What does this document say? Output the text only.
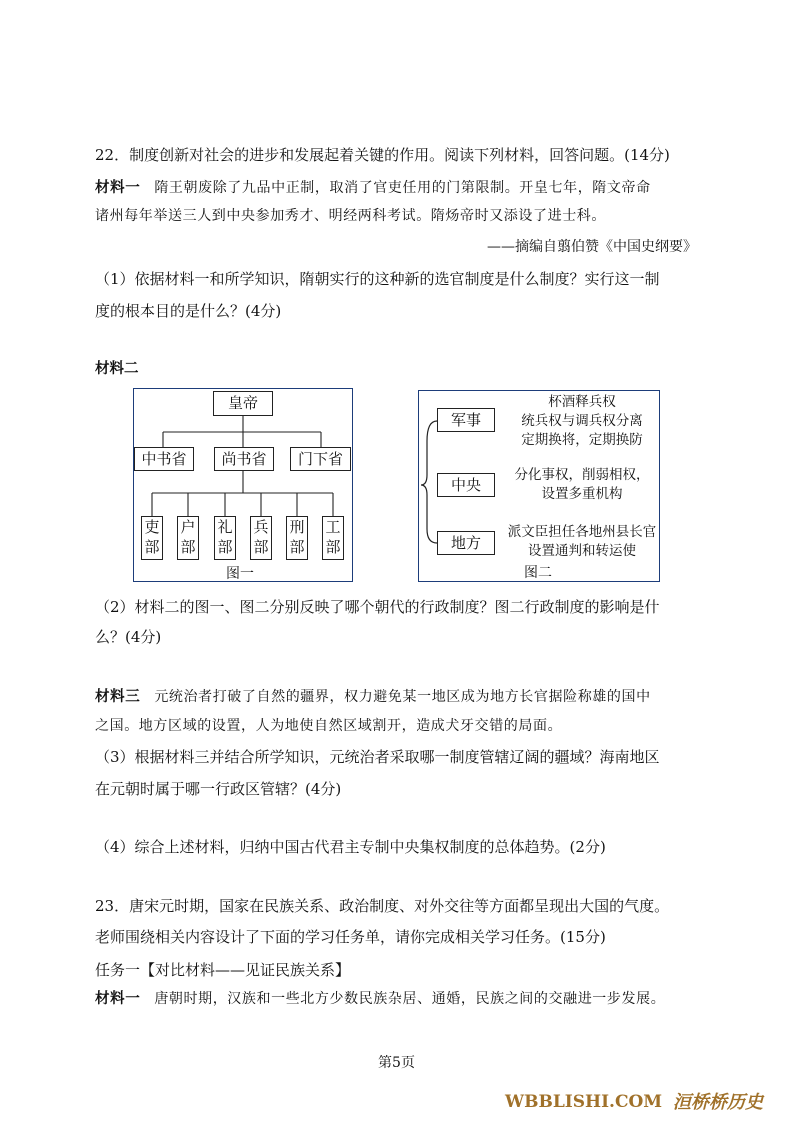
22．制度创新对社会的进步和发展起着关键的作用。阅读下列材料，回答问题。(14分)
材料一 隋王朝废除了九品中正制，取消了官吏任用的门第限制。开皇七年，隋文帝命
诸州每年举送三人到中央参加秀才、明经两科考试。隋炀帝时又添设了进士科。
——摘编自翦伯赞《中国史纲要》
（1）依据材料一和所学知识，隋朝实行的这种新的选官制度是什么制度？实行这一制
度的根本目的是什么？(4分)
材料二
皇帝
中书省	尚书省	门下省
吏
部
户
部
礼
部
兵
部
刑
部
工
部
图一
军事
中央
地方
杯酒释兵权
统兵权与调兵权分离
定期换将，定期换防
分化事权，削弱相权，
设置多重机构
派文臣担任各地州县长官
设置通判和转运使
图二
（2）材料二的图一、图二分别反映了哪个朝代的行政制度？图二行政制度的影响是什
么？(4分)
材料三 元统治者打破了自然的疆界，权力避免某一地区成为地方长官据险称雄的国中
之国。地方区域的设置，人为地使自然区域割开，造成犬牙交错的局面。
（3）根据材料三并结合所学知识，元统治者采取哪一制度管辖辽阔的疆域？海南地区
在元朝时属于哪一行政区管辖？(4分)
（4）综合上述材料，归纳中国古代君主专制中央集权制度的总体趋势。(2分)
23．唐宋元时期，国家在民族关系、政治制度、对外交往等方面都呈现出大国的气度。
老师围绕相关内容设计了下面的学习任务单，请你完成相关学习任务。(15分)
任务一【对比材料——见证民族关系】
材料一 唐朝时期，汉族和一些北方少数民族杂居、通婚，民族之间的交融进一步发展。
第5页
WBBLISHI.COM 洹桥桥历史
